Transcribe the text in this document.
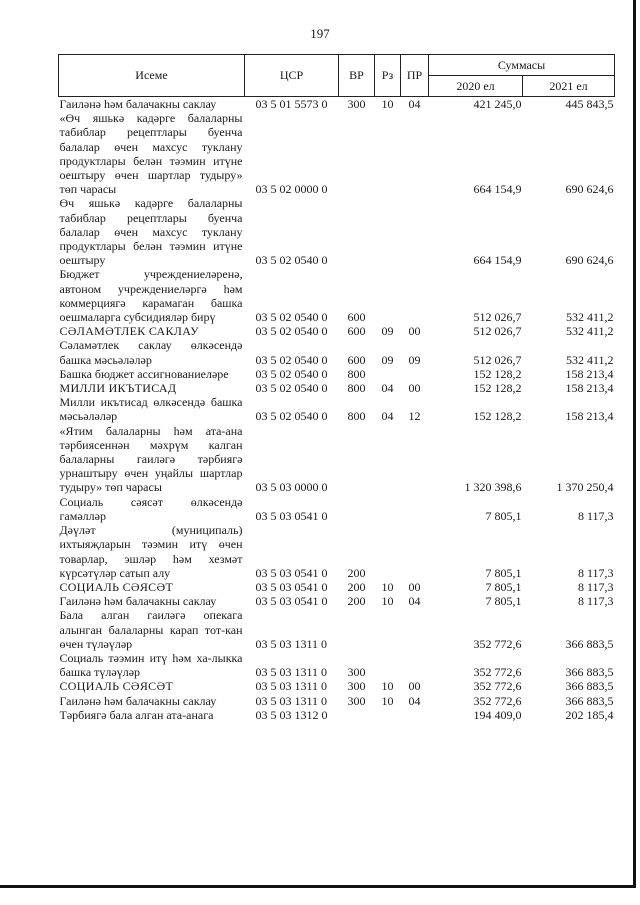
197
Исеме	ЦСР	ВР	Рз	ПР	Суммасы	
					2020 ел	2021 ел
Гаиләнә һәм балачакны саклау	03 5 01 5573 0	300	10	04	421 245,0	445 843,5
«Өч яшькә кадәрге балаларны табиблар рецептлары буенча балалар өчен махсус туклану продуктлары белән тәэмин итүне оештыру өчен шартлар тудыру» төп чарасы	03 5 02 0000 0				664 154,9	690 624,6
Өч яшькә кадәрге балаларны табиблар рецептлары буенча балалар өчен махсус туклану продуктлары белән тәэмин итүне оештыру	03 5 02 0540 0				664 154,9	690 624,6
Бюджет учреждениеләренә, автоном учреждениеләргә һәм коммерциягә карамаган башка оешмаларга субсидияләр бирү	03 5 02 0540 0	600			512 026,7	532 411,2
СӘЛАМӘТЛЕК САКЛАУ	03 5 02 0540 0	600	09	00	512 026,7	532 411,2
Сәламәтлек саклау өлкәсендә башка мәсьәләләр	03 5 02 0540 0	600	09	09	512 026,7	532 411,2
Башка бюджет ассигнованиеләре	03 5 02 0540 0	800			152 128,2	158 213,4
МИЛЛИ ИКЪТИСАД	03 5 02 0540 0	800	04	00	152 128,2	158 213,4
Милли икътисад өлкәсендә башка мәсьәләләр	03 5 02 0540 0	800	04	12	152 128,2	158 213,4
«Ятим балаларны һәм ата-ана тәрбиясеннән мәхрүм калган балаларны гаиләгә тәрбиягә урнаштыру өчен уңайлы шартлар тудыру» төп чарасы	03 5 03 0000 0				1 320 398,6	1 370 250,4
Социаль сәясәт өлкәсендә гамәлләр	03 5 03 0541 0				7 805,1	8 117,3
Дәүләт (муниципаль) ихтыяҗларын тәэмин итү өчен товарлар, эшләр һәм хезмәт күрсәтүләр сатып алу	03 5 03 0541 0	200			7 805,1	8 117,3
СОЦИАЛЬ СӘЯСӘТ	03 5 03 0541 0	200	10	00	7 805,1	8 117,3
Гаиләнә һәм балачакны саклау	03 5 03 0541 0	200	10	04	7 805,1	8 117,3
Бала алган гаиләгә опекага алынган балаларны карап тот-кан өчен түләүләр	03 5 03 1311 0				352 772,6	366 883,5
Социаль тәэмин итү һәм ха-лыкка башка түләүләр	03 5 03 1311 0	300			352 772,6	366 883,5
СОЦИАЛЬ СӘЯСӘТ	03 5 03 1311 0	300	10	00	352 772,6	366 883,5
Гаиләнә һәм балачакны саклау	03 5 03 1311 0	300	10	04	352 772,6	366 883,5
Тәрбиягә бала алган ата-анага	03 5 03 1312 0				194 409,0	202 185,4
